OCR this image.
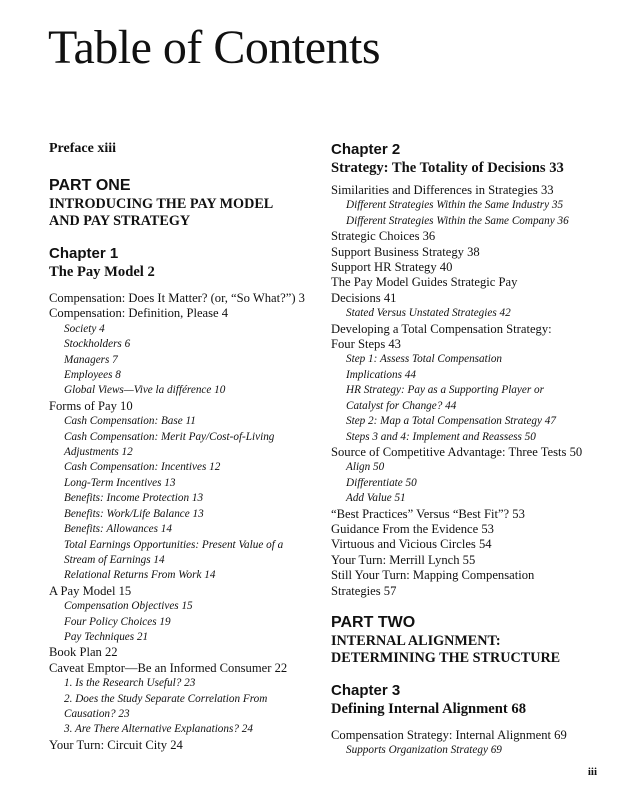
Table of Contents
Preface xiii
PART ONE
INTRODUCING THE PAY MODEL
AND PAY STRATEGY
Chapter 1
The Pay Model 2
Compensation: Does It Matter? (or, “So What?”) 3
Compensation: Definition, Please 4
Society 4
Stockholders 6
Managers 7
Employees 8
Global Views—Vive la différence 10
Forms of Pay 10
Cash Compensation: Base 11
Cash Compensation: Merit Pay/Cost-of-Living
Adjustments 12
Cash Compensation: Incentives 12
Long-Term Incentives 13
Benefits: Income Protection 13
Benefits: Work/Life Balance 13
Benefits: Allowances 14
Total Earnings Opportunities: Present Value of a
Stream of Earnings 14
Relational Returns From Work 14
A Pay Model 15
Compensation Objectives 15
Four Policy Choices 19
Pay Techniques 21
Book Plan 22
Caveat Emptor—Be an Informed Consumer 22
1. Is the Research Useful? 23
2. Does the Study Separate Correlation From
Causation? 23
3. Are There Alternative Explanations? 24
Your Turn: Circuit City 24
Chapter 2
Strategy: The Totality of Decisions 33
Similarities and Differences in Strategies 33
Different Strategies Within the Same Industry 35
Different Strategies Within the Same Company 36
Strategic Choices 36
Support Business Strategy 38
Support HR Strategy 40
The Pay Model Guides Strategic Pay
Decisions 41
Stated Versus Unstated Strategies 42
Developing a Total Compensation Strategy:
Four Steps 43
Step 1: Assess Total Compensation
Implications 44
HR Strategy: Pay as a Supporting Player or
Catalyst for Change? 44
Step 2: Map a Total Compensation Strategy 47
Steps 3 and 4: Implement and Reassess 50
Source of Competitive Advantage: Three Tests 50
Align 50
Differentiate 50
Add Value 51
“Best Practices” Versus “Best Fit”? 53
Guidance From the Evidence 53
Virtuous and Vicious Circles 54
Your Turn: Merrill Lynch 55
Still Your Turn: Mapping Compensation
Strategies 57
PART TWO
INTERNAL ALIGNMENT:
DETERMINING THE STRUCTURE
Chapter 3
Defining Internal Alignment 68
Compensation Strategy: Internal Alignment 69
Supports Organization Strategy 69
iii
